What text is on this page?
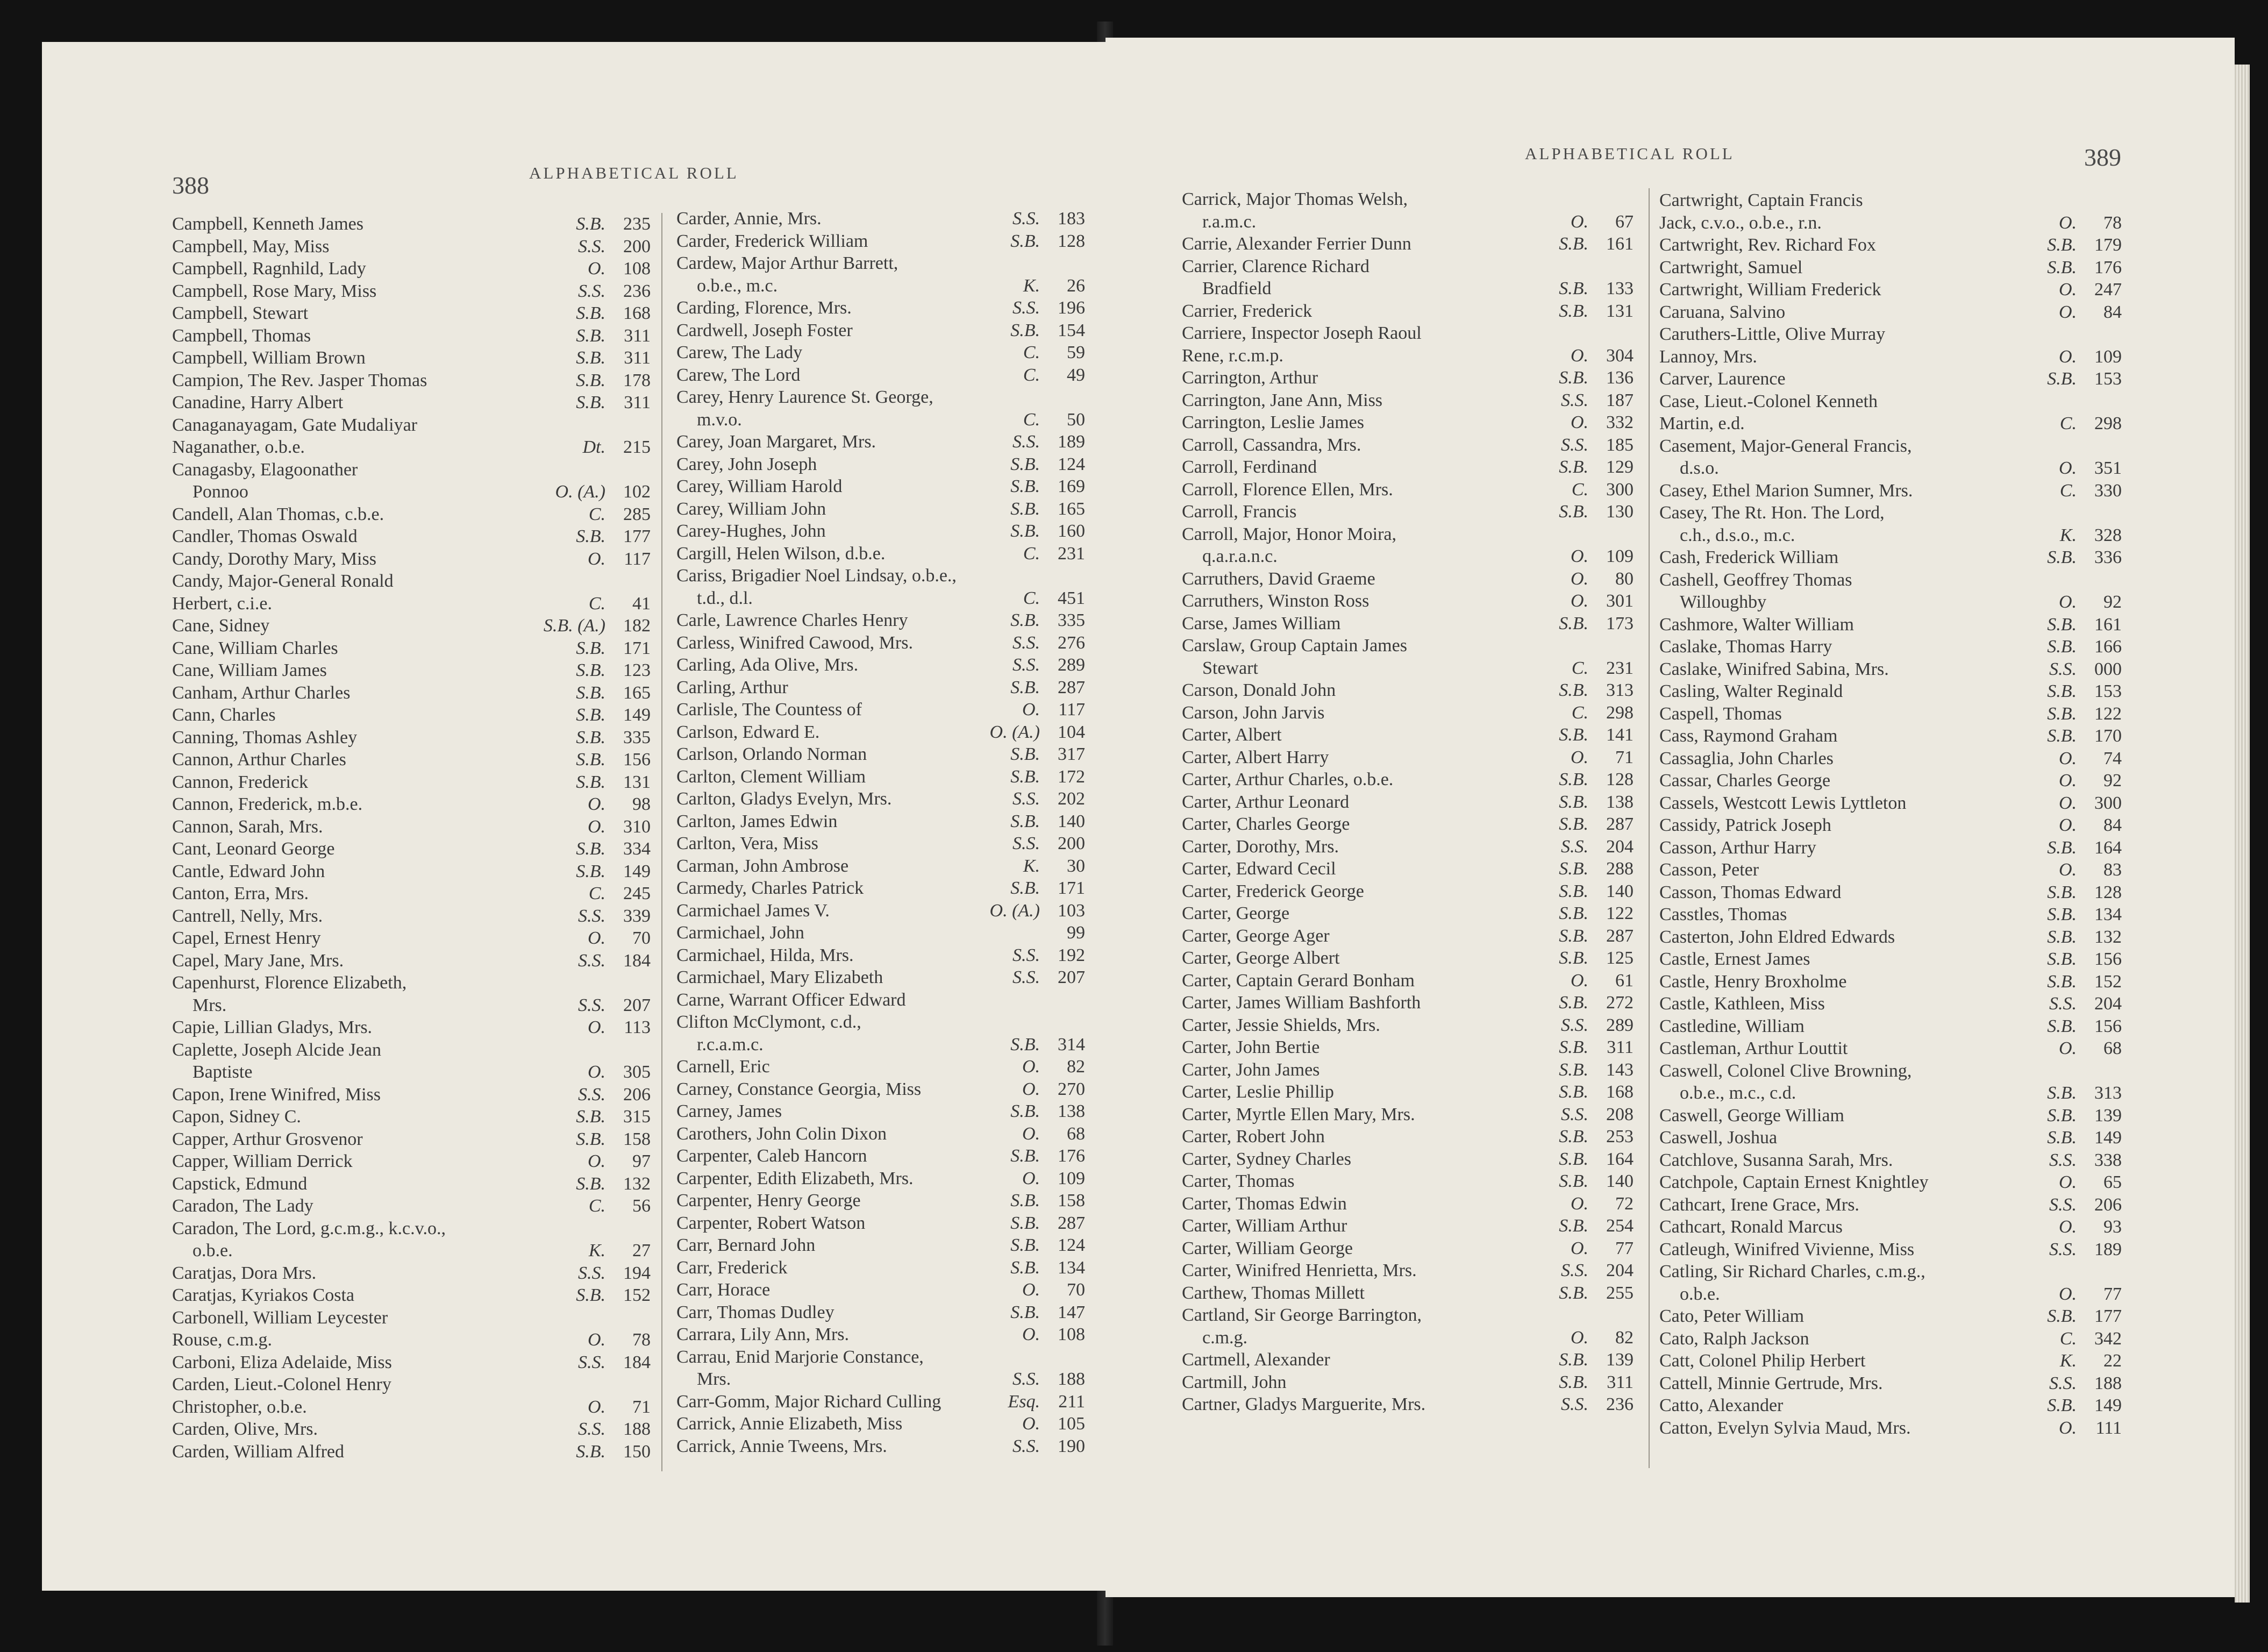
388	ALPHABETICAL ROLL
Campbell, Kenneth James	S.B. 235
Campbell, May, Miss	S.S. 200
Campbell, Ragnhild, Lady	O. 108
Campbell, Rose Mary, Miss	S.S. 236
Campbell, Stewart	S.B. 168
Campbell, Thomas	S.B.	311
Campbell, William Brown	S.B.	311
Campion, The Rev. Jasper Thomas	S.B. 178
Canadine, Harry Albert	S.B.	311
Canaganayagam, Gate Mudaliyar
Naganather, o.b.e.	Dt. 215
Canagasby, Elagoonather
Ponnoo	O. (A.) 102
Candell, Alan Thomas, c.b.e.	C. 285
Candler, Thomas Oswald	S.B. 177
Candy, Dorothy Mary, Miss	O.	117
Candy, Major-General Ronald
Herbert, c.i.e.	C.	41
Cane, Sidney	S.B. (A.) 182
Cane, William Charles	S.B. 171
Cane, William James	S.B. 123
Canham, Arthur Charles	S.B. 165
Cann, Charles	S.B. 149
Canning, Thomas Ashley	S.B. 335
Cannon, Arthur Charles	S.B. 156
Cannon, Frederick	S.B. 131
Cannon, Frederick, m.b.e.	O.	98
Cannon, Sarah, Mrs.	O. 310
Cant, Leonard George	S.B. 334
Cantle, Edward John	S.B. 149
Canton, Erra, Mrs.	C. 245
Cantrell, Nelly, Mrs.	S.S. 339
Capel, Ernest Henry	O.	70
Capel, Mary Jane, Mrs.	S.S. 184
Capenhurst, Florence Elizabeth,
Mrs.	S.S. 207
Capie, Lillian Gladys, Mrs.	O.	113
Caplette, Joseph Alcide Jean
Baptiste	O. 305
Capon, Irene Winifred, Miss	S.S. 206
Capon, Sidney C.	S.B. 315
Capper, Arthur Grosvenor	S.B. 158
Capper, William Derrick	O.	97
Capstick, Edmund	S.B. 132
Caradon, The Lady	C.	56
Caradon, The Lord, g.c.m.g., k.c.v.o.,
o.b.e.	K.	27
Caratjas, Dora Mrs.	S.S. 194
Caratjas, Kyriakos Costa	S.B. 152
Carbonell, William Leycester
Rouse, c.m.g.	O.	78
Carboni, Eliza Adelaide, Miss	S.S. 184
Carden, Lieut.-Colonel Henry
Christopher, o.b.e.	O.	71
Carden, Olive, Mrs.	S.S. 188
Carden, William Alfred	S.B. 150
Carder, Annie, Mrs.	S.S. 183
Carder, Frederick William	S.B. 128
Cardew, Major Arthur Barrett,
o.b.e., m.c.	K.	26
Carding, Florence, Mrs.	S.S. 196
Cardwell, Joseph Foster	S.B. 154
Carew, The Lady	C.	59
Carew, The Lord	C.	49
Carey, Henry Laurence St. George,
m.v.o.	C.	50
Carey, Joan Margaret, Mrs.	S.S. 189
Carey, John Joseph	S.B. 124
Carey, William Harold	S.B. 169
Carey, William John	S.B. 165
Carey-Hughes, John	S.B. 160
Cargill, Helen Wilson, d.b.e.	C. 231
Cariss, Brigadier Noel Lindsay, o.b.e.,
t.d., d.l.	C. 451
Carle, Lawrence Charles Henry	S.B. 335
Carless, Winifred Cawood, Mrs.	S.S. 276
Carling, Ada Olive, Mrs.	S.S. 289
Carling, Arthur	S.B. 287
Carlisle, The Countess of	O.	117
Carlson, Edward E.	O. (A.) 104
Carlson, Orlando Norman	S.B. 317
Carlton, Clement William	S.B. 172
Carlton, Gladys Evelyn, Mrs.	S.S. 202
Carlton, James Edwin	S.B. 140
Carlton, Vera, Miss	S.S. 200
Carman, John Ambrose	K.	30
Carmedy, Charles Patrick	S.B. 171
Carmichael James V.	O. (A.) 103
Carmichael, John	99
Carmichael, Hilda, Mrs.	S.S. 192
Carmichael, Mary Elizabeth	S.S. 207
Carne, Warrant Officer Edward
Clifton McClymont, c.d.,
r.c.a.m.c.	S.B. 314
Carnell, Eric	O.	82
Carney, Constance Georgia, Miss	O. 270
Carney, James	S.B. 138
Carothers, John Colin Dixon	O.	68
Carpenter, Caleb Hancorn	S.B. 176
Carpenter, Edith Elizabeth, Mrs.	O. 109
Carpenter, Henry George	S.B. 158
Carpenter, Robert Watson	S.B. 287
Carr, Bernard John	S.B. 124
Carr, Frederick	S.B. 134
Carr, Horace	O.	70
Carr, Thomas Dudley	S.B. 147
Carrara, Lily Ann, Mrs.	O. 108
Carrau, Enid Marjorie Constance,
Mrs.	S.S. 188
Carr-Gomm, Major Richard Culling	Esq.	211
Carrick, Annie Elizabeth, Miss	O. 105
Carrick, Annie Tweens, Mrs.	S.S. 190
ALPHABETICAL ROLL	389
Carrick, Major Thomas Welsh,
r.a.m.c.	O.	67
Carrie, Alexander Ferrier Dunn	S.B. 161
Carrier, Clarence Richard
Bradfield	S.B. 133
Carrier, Frederick	S.B. 131
Carriere, Inspector Joseph Raoul
Rene, r.c.m.p.	O. 304
Carrington, Arthur	S.B. 136
Carrington, Jane Ann, Miss	S.S. 187
Carrington, Leslie James	O. 332
Carroll, Cassandra, Mrs.	S.S. 185
Carroll, Ferdinand	S.B. 129
Carroll, Florence Ellen, Mrs.	C. 300
Carroll, Francis	S.B. 130
Carroll, Major, Honor Moira,
q.a.r.a.n.c.	O. 109
Carruthers, David Graeme	O.	80
Carruthers, Winston Ross	O. 301
Carse, James William	S.B. 173
Carslaw, Group Captain James
Stewart	C. 231
Carson, Donald John	S.B. 313
Carson, John Jarvis	C. 298
Carter, Albert	S.B. 141
Carter, Albert Harry	O.	71
Carter, Arthur Charles, o.b.e.	S.B. 128
Carter, Arthur Leonard	S.B. 138
Carter, Charles George	S.B. 287
Carter, Dorothy, Mrs.	S.S. 204
Carter, Edward Cecil	S.B. 288
Carter, Frederick George	S.B. 140
Carter, George	S.B. 122
Carter, George Ager	S.B. 287
Carter, George Albert	S.B. 125
Carter, Captain Gerard Bonham	O.	61
Carter, James William Bashforth	S.B. 272
Carter, Jessie Shields, Mrs.	S.S. 289
Carter, John Bertie	S.B.	311
Carter, John James	S.B. 143
Carter, Leslie Phillip	S.B. 168
Carter, Myrtle Ellen Mary, Mrs.	S.S. 208
Carter, Robert John	S.B. 253
Carter, Sydney Charles	S.B. 164
Carter, Thomas	S.B. 140
Carter, Thomas Edwin	O.	72
Carter, William Arthur	S.B. 254
Carter, William George	O.	77
Carter, Winifred Henrietta, Mrs.	S.S. 204
Carthew, Thomas Millett	S.B. 255
Cartland, Sir George Barrington,
c.m.g.	O.	82
Cartmell, Alexander	S.B. 139
Cartmill, John	S.B.	311
Cartner, Gladys Marguerite, Mrs.	S.S. 236
Cartwright, Captain Francis
Jack, c.v.o., o.b.e., r.n.	O.	78
Cartwright, Rev. Richard Fox	S.B. 179
Cartwright, Samuel	S.B. 176
Cartwright, William Frederick	O. 247
Caruana, Salvino	O.	84
Caruthers-Little, Olive Murray
Lannoy, Mrs.	O. 109
Carver, Laurence	S.B. 153
Case, Lieut.-Colonel Kenneth
Martin, e.d.	C. 298
Casement, Major-General Francis,
d.s.o.	O. 351
Casey, Ethel Marion Sumner, Mrs.	C. 330
Casey, The Rt. Hon. The Lord,
c.h., d.s.o., m.c.	K. 328
Cash, Frederick William	S.B. 336
Cashell, Geoffrey Thomas
Willoughby	O.	92
Cashmore, Walter William	S.B. 161
Caslake, Thomas Harry	S.B. 166
Caslake, Winifred Sabina, Mrs.	S.S. 000
Casling, Walter Reginald	S.B. 153
Caspell, Thomas	S.B. 122
Cass, Raymond Graham	S.B. 170
Cassaglia, John Charles	O.	74
Cassar, Charles George	O.	92
Cassels, Westcott Lewis Lyttleton	O. 300
Cassidy, Patrick Joseph	O.	84
Casson, Arthur Harry	S.B. 164
Casson, Peter	O.	83
Casson, Thomas Edward	S.B. 128
Casstles, Thomas	S.B. 134
Casterton, John Eldred Edwards	S.B. 132
Castle, Ernest James	S.B. 156
Castle, Henry Broxholme	S.B. 152
Castle, Kathleen, Miss	S.S. 204
Castledine, William	S.B. 156
Castleman, Arthur Louttit	O.	68
Caswell, Colonel Clive Browning,
o.b.e., m.c., c.d.	S.B. 313
Caswell, George William	S.B. 139
Caswell, Joshua	S.B. 149
Catchlove, Susanna Sarah, Mrs.	S.S. 338
Catchpole, Captain Ernest Knightley	O.	65
Cathcart, Irene Grace, Mrs.	S.S. 206
Cathcart, Ronald Marcus	O.	93
Catleugh, Winifred Vivienne, Miss	S.S. 189
Catling, Sir Richard Charles, c.m.g.,
o.b.e.	O.	77
Cato, Peter William	S.B. 177
Cato, Ralph Jackson	C. 342
Catt, Colonel Philip Herbert	K.	22
Cattell, Minnie Gertrude, Mrs.	S.S. 188
Catto, Alexander	S.B. 149
Catton, Evelyn Sylvia Maud, Mrs.	O.	111
